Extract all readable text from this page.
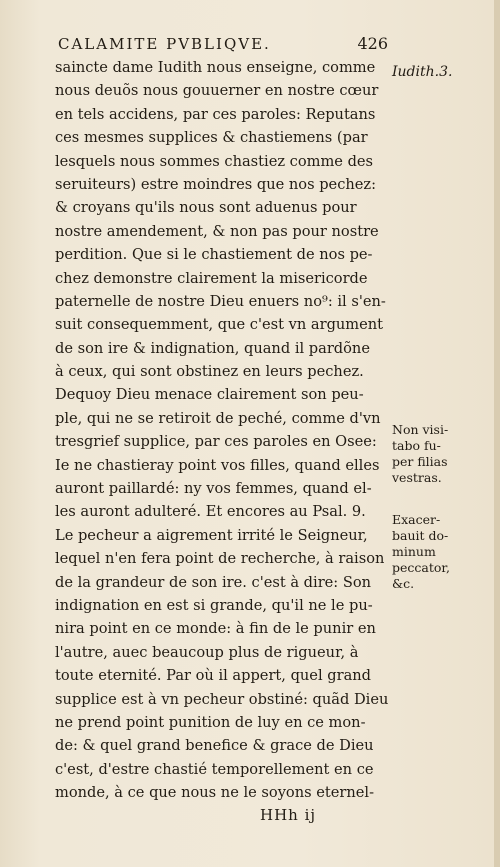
CALAMITE PVBLIQVE.	426
saincte dame Iudith nous enseigne, comme
nous deuõs nous gouuerner en nostre cœur
en tels accidens, par ces paroles: Reputans
ces mesmes supplices & chastiemens (par
lesquels nous sommes chastiez comme des
seruiteurs) estre moindres que nos pechez:
& croyans qu'ils nous sont aduenus pour
nostre amendement, & non pas pour nostre
perdition. Que si le chastiement de nos pe-
chez demonstre clairement la misericorde
paternelle de nostre Dieu enuers no⁹: il s'en-
suit consequemment, que c'est vn argument
de son ire & indignation, quand il pardõne
à ceux, qui sont obstinez en leurs pechez.
Dequoy Dieu menace clairement son peu-
ple, qui ne se retiroit de peché, comme d'vn
tresgrief supplice, par ces paroles en Osee:
Ie ne chastieray point vos filles, quand elles
auront paillardé: ny vos femmes, quand el-
les auront adulteré. Et encores au Psal. 9.
Le pecheur a aigrement irrité le Seigneur,
lequel n'en fera point de recherche, à raison
de la grandeur de son ire. c'est à dire: Son
indignation en est si grande, qu'il ne le pu-
nira point en ce monde: à fin de le punir en
l'autre, auec beaucoup plus de rigueur, à
toute eternité. Par où il appert, quel grand
supplice est à vn pecheur obstiné: quãd Dieu
ne prend point punition de luy en ce mon-
de: & quel grand benefice & grace de Dieu
c'est, d'estre chastié temporellement en ce
monde, à ce que nous ne le soyons eternel-
Iudith.3.
Non visi-
tabo fu-
per filias
vestras.
Exacer-
bauit do-
minum
peccator,
&c.
HHh ij
